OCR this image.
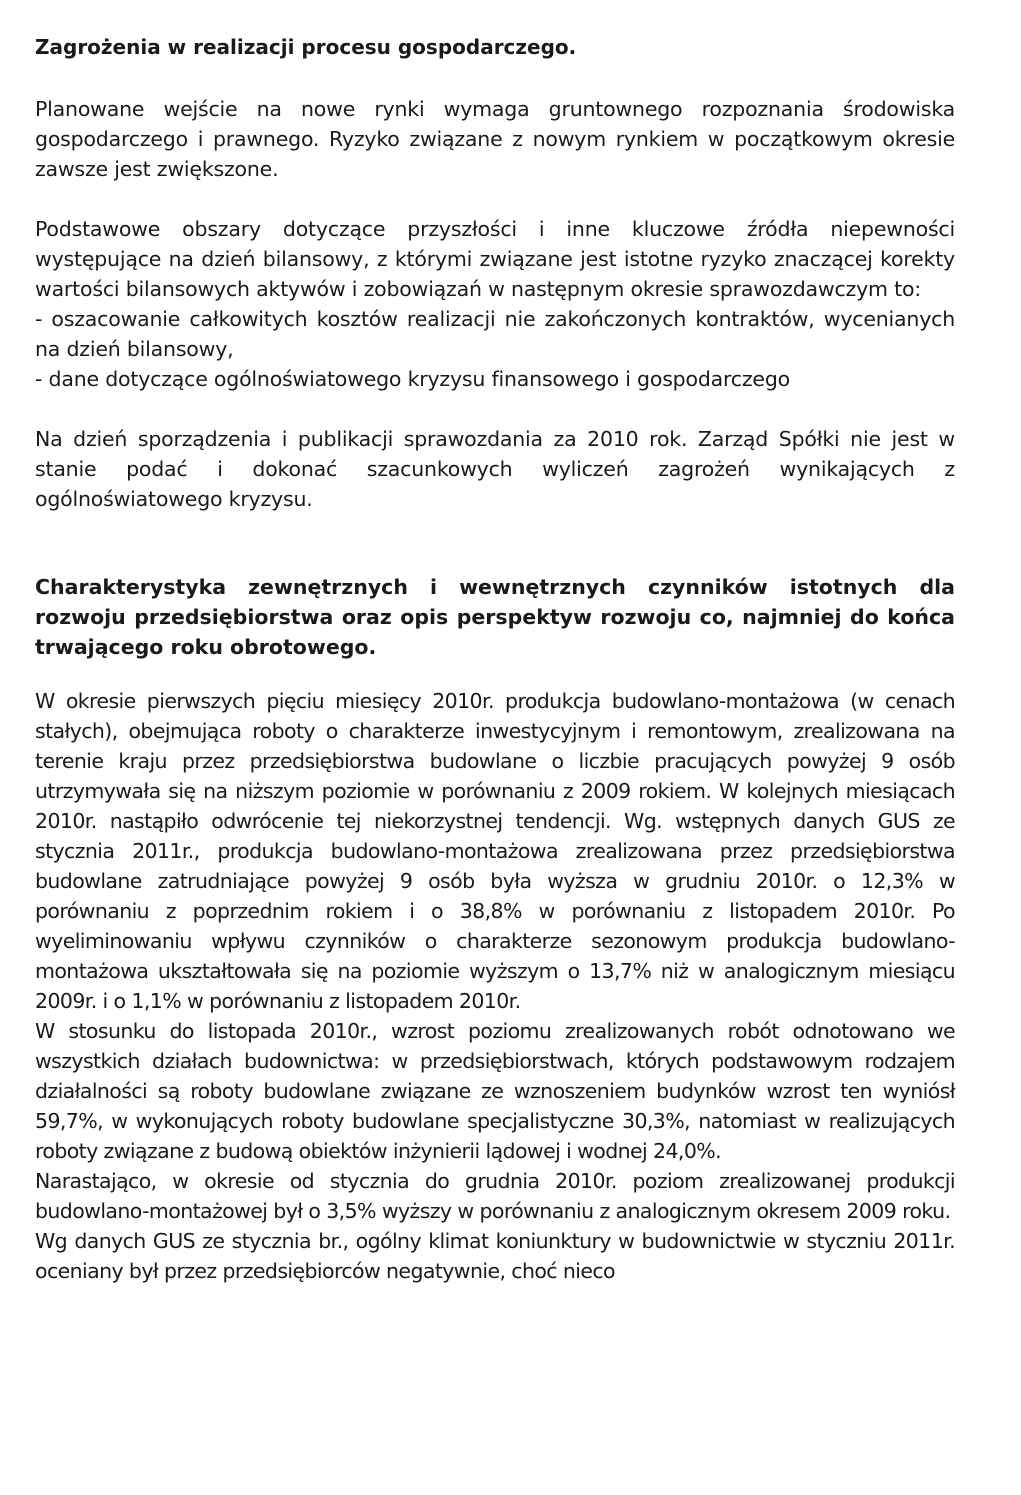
Zagrożenia w realizacji procesu gospodarczego.

Planowane wejście na nowe rynki wymaga gruntownego rozpoznania środowiska gospodarczego i prawnego. Ryzyko związane z nowym rynkiem w początkowym okresie zawsze jest zwiększone.

Podstawowe obszary dotyczące przyszłości i inne kluczowe źródła niepewności występujące na dzień bilansowy, z którymi związane jest istotne ryzyko znaczącej korekty wartości bilansowych aktywów i zobowiązań w następnym okresie sprawozdawczym to:

- oszacowanie całkowitych kosztów realizacji nie zakończonych kontraktów, wycenianych na dzień bilansowy,

- dane dotyczące ogólnoświatowego kryzysu finansowego i gospodarczego

Na dzień sporządzenia i publikacji sprawozdania za 2010 rok. Zarząd Spółki nie jest w stanie podać i dokonać szacunkowych wyliczeń zagrożeń wynikających z ogólnoświatowego kryzysu.

Charakterystyka zewnętrznych i wewnętrznych czynników istotnych dla rozwoju przedsiębiorstwa oraz opis perspektyw rozwoju co, najmniej do końca trwającego roku obrotowego.

W okresie pierwszych pięciu miesięcy 2010r. produkcja budowlano-montażowa (w cenach stałych), obejmująca roboty o charakterze inwestycyjnym i remontowym, zrealizowana na terenie kraju przez przedsiębiorstwa budowlane o liczbie pracujących powyżej 9 osób utrzymywała się na niższym poziomie w porównaniu z 2009 rokiem. W kolejnych miesiącach 2010r. nastąpiło odwrócenie tej niekorzystnej tendencji. Wg. wstępnych danych GUS ze stycznia 2011r., produkcja budowlano-montażowa zrealizowana przez przedsiębiorstwa budowlane zatrudniające powyżej 9 osób była wyższa w grudniu 2010r. o 12,3% w porównaniu z poprzednim rokiem i o 38,8% w porównaniu z listopadem 2010r. Po wyeliminowaniu wpływu czynników o charakterze sezonowym produkcja budowlano-montażowa ukształtowała się na poziomie wyższym o 13,7% niż w analogicznym miesiącu 2009r. i o 1,1% w porównaniu z listopadem 2010r.

W stosunku do listopada 2010r., wzrost poziomu zrealizowanych robót odnotowano we wszystkich działach budownictwa: w przedsiębiorstwach, których podstawowym rodzajem działalności są roboty budowlane związane ze wznoszeniem budynków wzrost ten wyniósł 59,7%, w wykonujących roboty budowlane specjalistyczne 30,3%, natomiast w realizujących roboty związane z budową obiektów inżynierii lądowej i wodnej 24,0%.

Narastająco, w okresie od stycznia do grudnia 2010r. poziom zrealizowanej produkcji budowlano-montażowej był o 3,5% wyższy w porównaniu z analogicznym okresem 2009 roku.

Wg danych GUS ze stycznia br., ogólny klimat koniunktury w budownictwie w styczniu 2011r. oceniany był przez przedsiębiorców negatywnie, choć nieco
